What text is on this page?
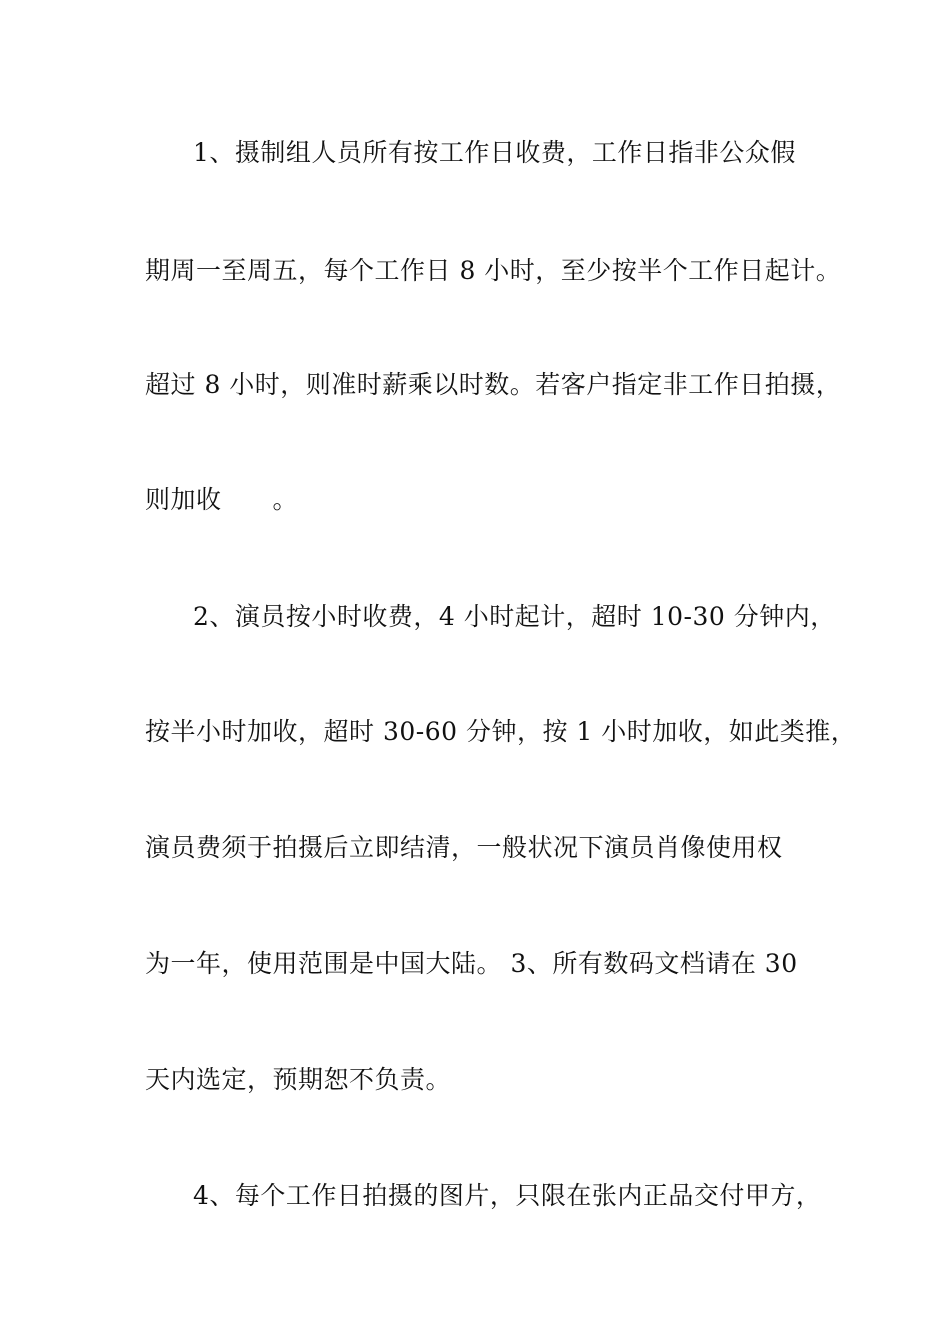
1、摄制组人员所有按工作日收费，工作日指非公众假
期周一至周五，每个工作日 8 小时，至少按半个工作日起计。
超过 8 小时，则准时薪乘以时数。若客户指定非工作日拍摄，
则加收　　。
2、演员按小时收费，4 小时起计，超时 10-30 分钟内，
按半小时加收，超时 30-60 分钟，按 1 小时加收，如此类推，
演员费须于拍摄后立即结清，一般状况下演员肖像使用权
为一年，使用范围是中国大陆。 3、所有数码文档请在 30
天内选定，预期恕不负责。
4、每个工作日拍摄的图片，只限在张内正品交付甲方，
